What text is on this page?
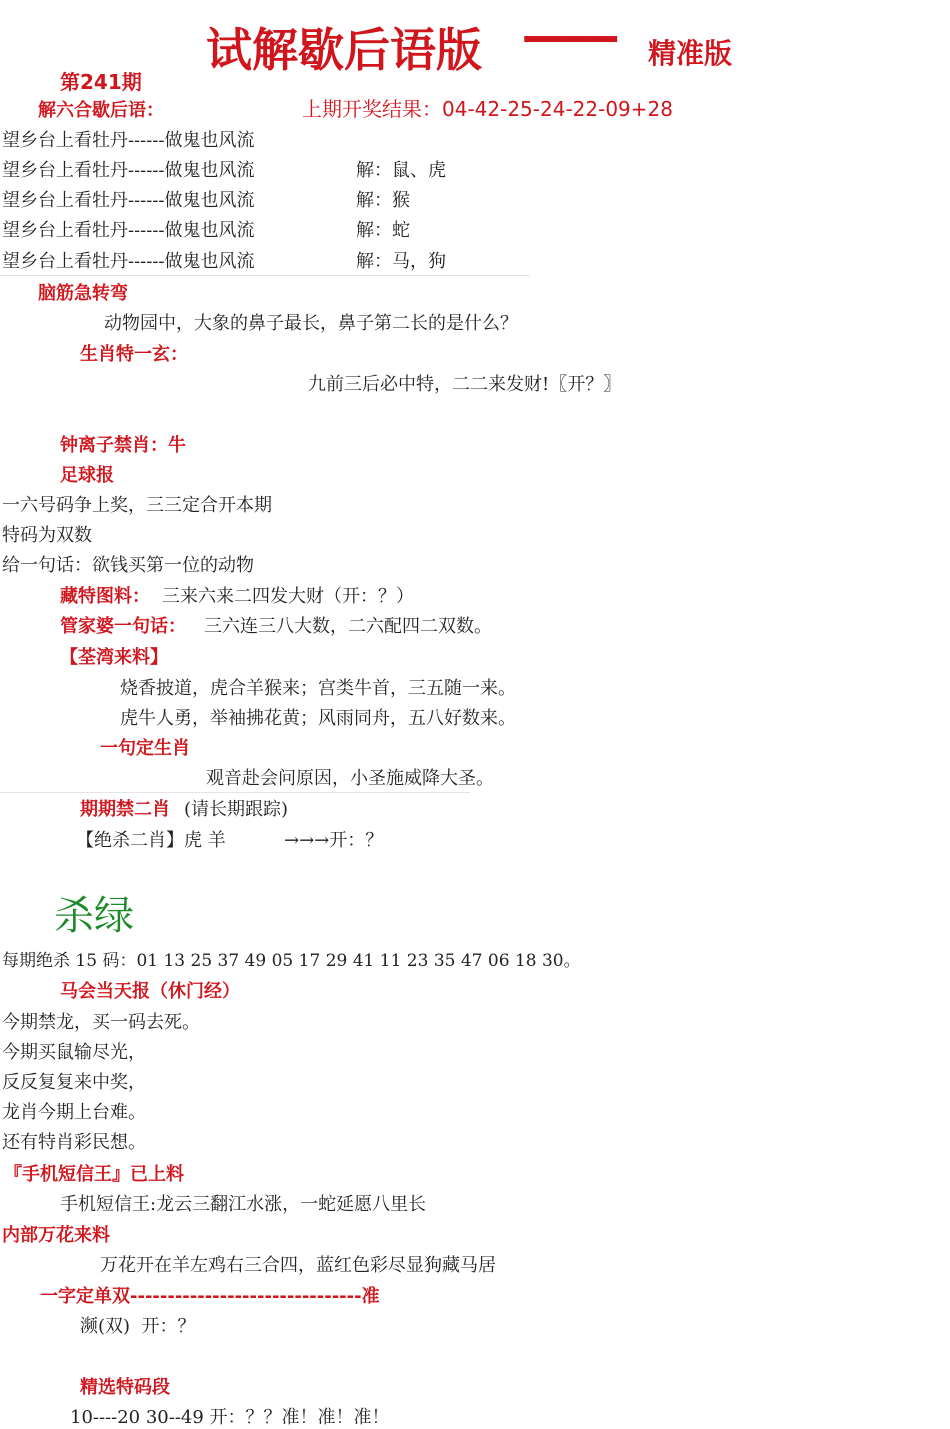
试解歇后语版 -------- 精准版
第241期
解六合歇后语：	上期开奖结果：04-42-25-24-22-09+28
望乡台上看牡丹------做鬼也风流
望乡台上看牡丹------做鬼也风流	解：鼠、虎
望乡台上看牡丹------做鬼也风流	解：猴
望乡台上看牡丹------做鬼也风流	解：蛇
望乡台上看牡丹------做鬼也风流	解：马，狗
脑筋急转弯
动物园中，大象的鼻子最长，鼻子第二长的是什么？
生肖特一玄：
九前三后必中特，二二来发财!〖开？〗
钟离子禁肖：牛
足球报
一六号码争上奖，三三定合开本期
特码为双数
给一句话：欲钱买第一位的动物
藏特图料： 三来六来二四发大财（开：？）
管家婆一句话： 三六连三八大数，二六配四二双数。
【荃湾来料】
烧香披道，虎合羊猴来；宫类牛首，三五随一来。
虎牛人勇，举袖拂花黄；风雨同舟，五八好数来。
一句定生肖
观音赴会问原因，小圣施威降大圣。
期期禁二肖 (请长期跟踪)
【绝杀二肖】虎 羊	→→→开：？
杀绿
每期绝杀 15 码：01 13 25 37 49 05 17 29 41 11 23 35 47 06 18 30。
马会当天报（休门经）
今期禁龙，买一码去死。
今期买鼠输尽光，
反反复复来中奖，
龙肖今期上台难。
还有特肖彩民想。
『手机短信王』已上料
手机短信王:龙云三翻江水涨，一蛇延愿八里长
内部万花来料
万花开在羊左鸡右三合四，蓝红色彩尽显狗藏马居
一字定单双-------------------------------准
濒(双)  开：？
精选特码段
10----20 30--49 开：？？准！准！准！
